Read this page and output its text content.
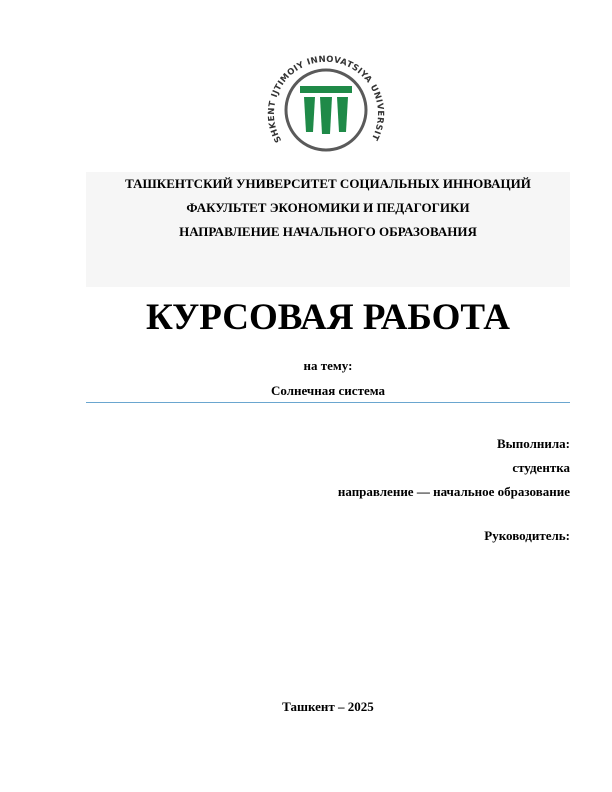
SHKENT IJTIMOIY INNOVATSIYA UNIVERSIT
ТАШКЕНТСКИЙ УНИВЕРСИТЕТ СОЦИАЛЬНЫХ ИННОВАЦИЙ
ФАКУЛЬТЕТ ЭКОНОМИКИ И ПЕДАГОГИКИ
НАПРАВЛЕНИЕ НАЧАЛЬНОГО ОБРАЗОВАНИЯ
КУРСОВАЯ РАБОТА
на тему:
Солнечная система
Выполнила:
студентка
направление — начальное образование
Руководитель:
Ташкент – 2025
